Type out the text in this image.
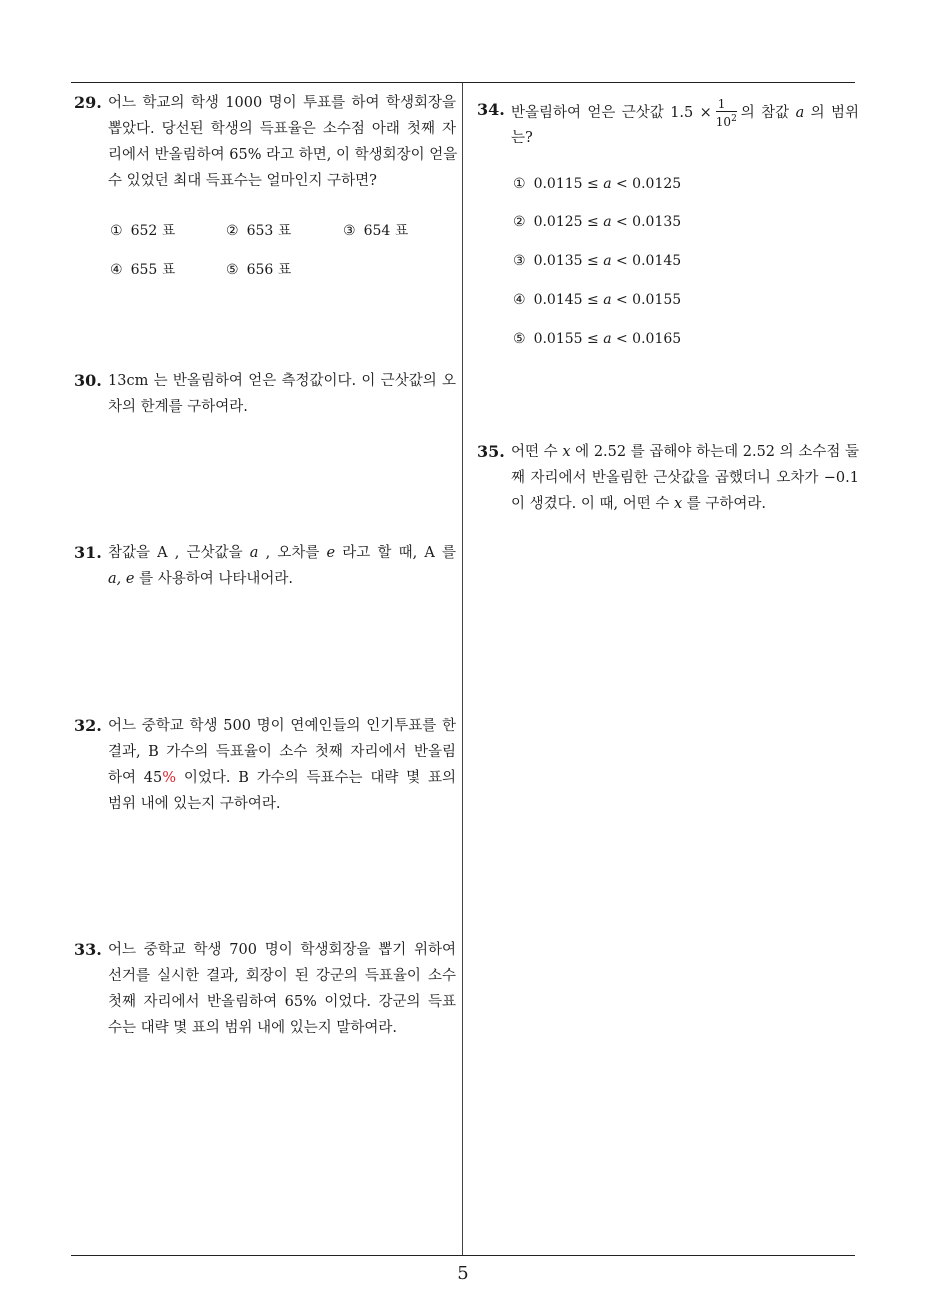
29. 어느 학교의 학생 1000 명이 투표를 하여 학생회장을
뽑았다. 당선된 학생의 득표율은 소수점 아래 첫째 자
리에서 반올림하여 65% 라고 하면, 이 학생회장이 얻을
수 있었던 최대 득표수는 얼마인지 구하면?
① 652 표	② 653 표	③ 654 표
④ 655 표	⑤ 656 표
30. 13cm 는 반올림하여 얻은 측정값이다. 이 근삿값의 오
차의 한계를 구하여라.
31. 참값을 A , 근삿값을 a , 오차를 e 라고 할 때, A 를
a, e 를 사용하여 나타내어라.
32. 어느 중학교 학생 500 명이 연예인들의 인기투표를 한
결과, B 가수의 득표율이 소수 첫째 자리에서 반올림
하여 45% 이었다. B 가수의 득표수는 대략 몇 표의
범위 내에 있는지 구하여라.
33. 어느 중학교 학생 700 명이 학생회장을 뽑기 위하여
선거를 실시한 결과, 회장이 된 강군의 득표율이 소수
첫째 자리에서 반올림하여 65% 이었다. 강군의 득표
수는 대략 몇 표의 범위 내에 있는지 말하여라.
34. 반올림하여 얻은 근삿값 $1.5 \times \frac{1}{10^2}$ 의 참값 a 의 범위
는?
① 0.0115 ≤ a < 0.0125
② 0.0125 ≤ a < 0.0135
③ 0.0135 ≤ a < 0.0145
④ 0.0145 ≤ a < 0.0155
⑤ 0.0155 ≤ a < 0.0165
35. 어떤 수 x 에 2.52 를 곱해야 하는데 2.52 의 소수점 둘
째 자리에서 반올림한 근삿값을 곱했더니 오차가 −0.1
이 생겼다. 이 때, 어떤 수 x 를 구하여라.
5
